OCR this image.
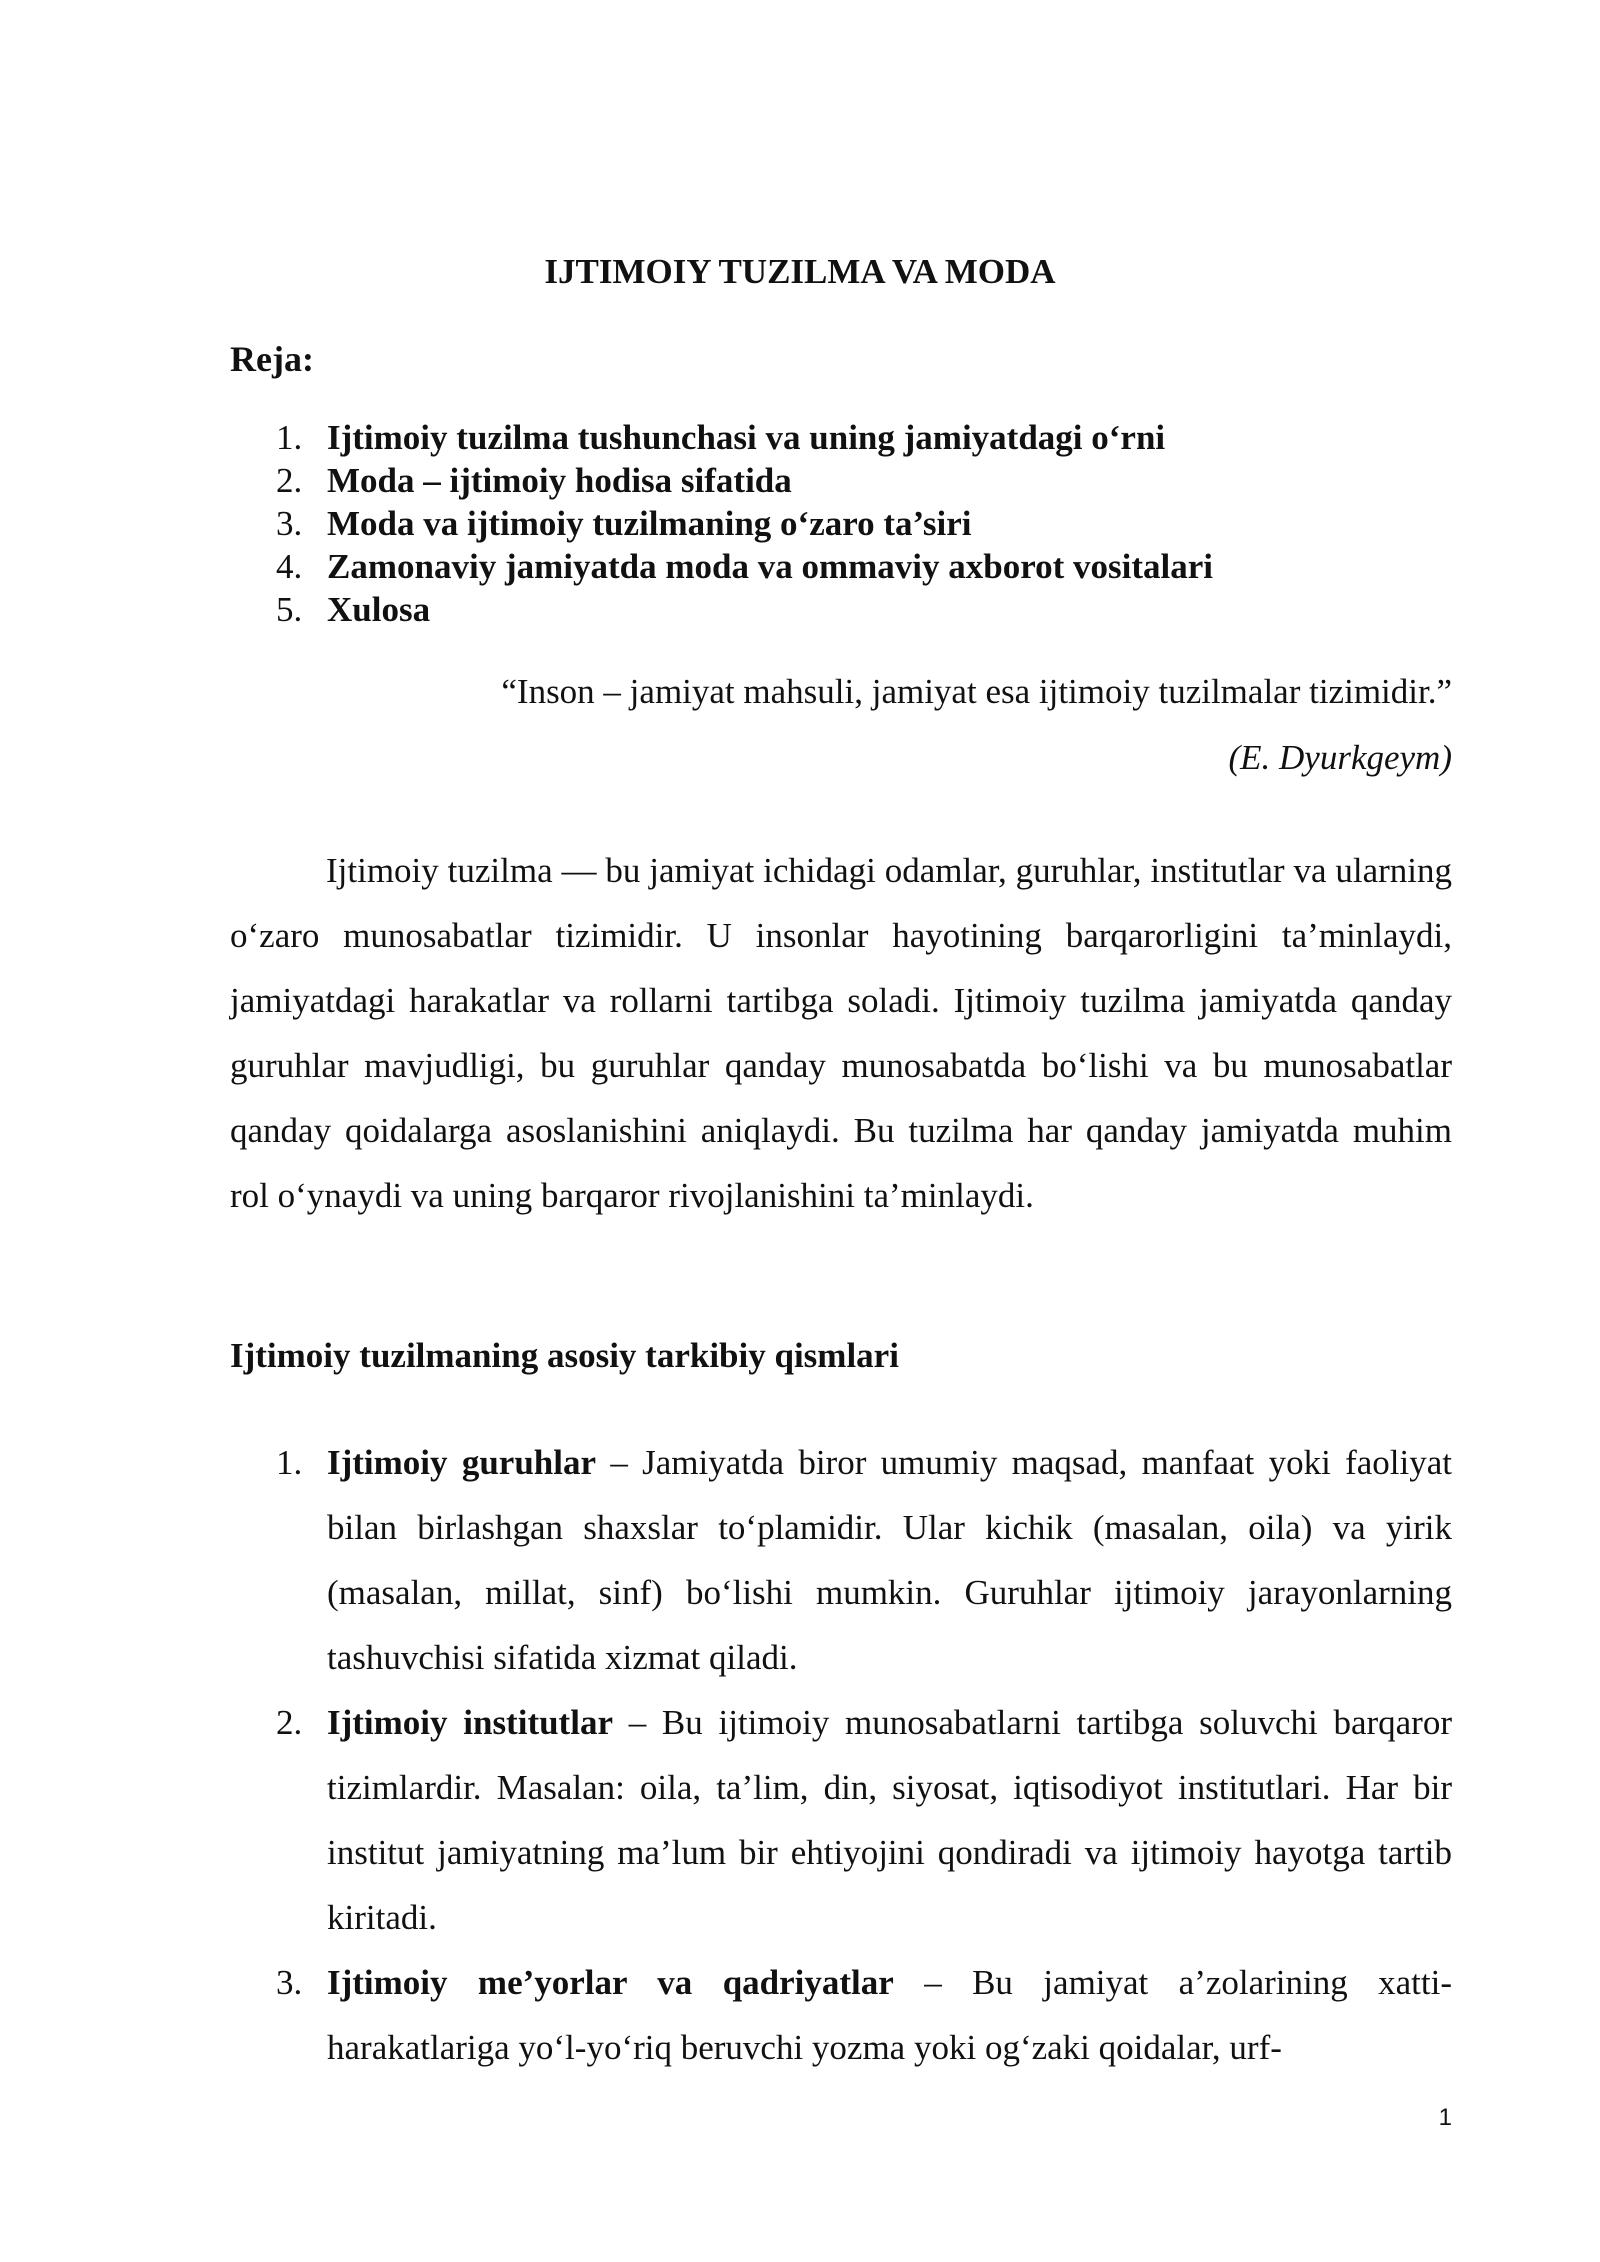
IJTIMOIY TUZILMA VA MODA
Reja:
1. Ijtimoiy tuzilma tushunchasi va uning jamiyatdagi o‘rni
2. Moda – ijtimoiy hodisa sifatida
3. Moda va ijtimoiy tuzilmaning o‘zaro ta’siri
4. Zamonaviy jamiyatda moda va ommaviy axborot vositalari
5. Xulosa

“Inson – jamiyat mahsuli, jamiyat esa ijtimoiy tuzilmalar tizimidir.”

(E. Dyurkgeym)

Ijtimoiy tuzilma — bu jamiyat ichidagi odamlar, guruhlar, institutlar va ularning o‘zaro munosabatlar tizimidir. U insonlar hayotining barqarorligini ta’minlaydi, jamiyatdagi harakatlar va rollarni tartibga soladi. Ijtimoiy tuzilma jamiyatda qanday guruhlar mavjudligi, bu guruhlar qanday munosabatda bo‘lishi va bu munosabatlar qanday qoidalarga asoslanishini aniqlaydi. Bu tuzilma har qanday jamiyatda muhim rol o‘ynaydi va uning barqaror rivojlanishini ta’minlaydi.

Ijtimoiy tuzilmaning asosiy tarkibiy qismlari
1. Ijtimoiy guruhlar – Jamiyatda biror umumiy maqsad, manfaat yoki faoliyat bilan birlashgan shaxslar to‘plamidir. Ular kichik (masalan, oila) va yirik (masalan, millat, sinf) bo‘lishi mumkin. Guruhlar ijtimoiy jarayonlarning tashuvchisi sifatida xizmat qiladi.
2. Ijtimoiy institutlar – Bu ijtimoiy munosabatlarni tartibga soluvchi barqaror tizimlardir. Masalan: oila, ta’lim, din, siyosat, iqtisodiyot institutlari. Har bir institut jamiyatning ma’lum bir ehtiyojini qondiradi va ijtimoiy hayotga tartib kiritadi.
3. Ijtimoiy me’yorlar va qadriyatlar – Bu jamiyat a’zolarining xatti-harakatlariga yo‘l-yo‘riq beruvchi yozma yoki og‘zaki qoidalar, urf-

1
